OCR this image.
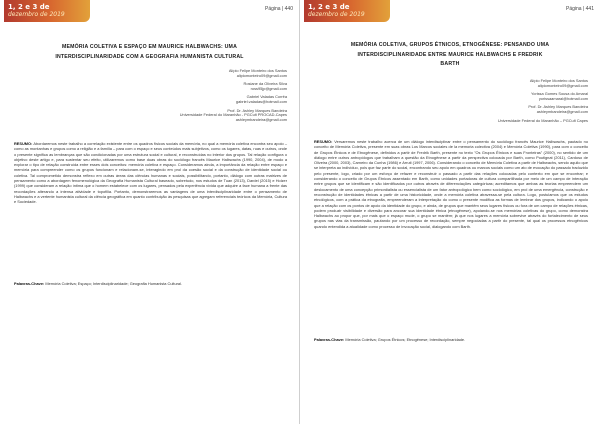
1, 2 e 3 de
dezembro de 2019
Página | 440
MEMÓRIA COLETIVA E ESPAÇO EM MAURICE HALBWACHS: UMA
INTERDISCIPLINARIDADE COM A GEOGRAFIA HUMANISTA CULTURAL
Alípio Felipe Monteiro dos Santos
alipiomonteiro09@gmail.com
Rosiane da Oliveira Silva
ross95jp@gmail.com
Gabriel Valadas Corrêa
gabriel.valadas@hotmail.com
Prof. Dr. Ashley Marques Bandeira
Universidade Federal do Maranhão - PGCult PROCAD-Capes
ashleymbandeira@gmail.com

RESUMO: Abordaremos neste trabalho a correlação existente entre os quadros físicos sociais da memória, no qual a memória coletiva encontra seu apoio – como as montanhas e grupos como a religião e a família – para com o espaço e seus conteúdos mais subjetivos, como os lugares, datas, ruas e outros, onde o presente significa as lembranças que são condicionadas por uma estrutura social e cultural, e reconstruídas no interior dos grupos. Tal relação configura o objetivo deste artigo e, para sustentar seu efeito, utilizaremos como base duas obras do sociólogo francês Maurice Halbwachs (1990, 2004), de modo a explorar o tipo de relação construída entre esses dois conceitos: memória coletiva e espaço. Consideramos ainda, a importância da relação entre espaço e memória para compreender como os grupos funcionam e relacionam-se, interagindo em prol da coesão social e da construção de identidade social ou coletiva. Tal comprometido demonstra reflexo em outras áreas das ciências humanas e sociais, possibilitando, portanto, diálogo com outras matrizes de pensamento como a abordagem fenomenológica da Geografia Humanista Cultural baseado, sobretudo, nos estudos de Tuan (2013), Dardel (2015) e Holzer (1999) que consideram a relação íntima que o homem estabelece com os lugares, pensados pela experiência vivida que adquire a face humana a frente das recordações alterando a intensa atividade e topofilia. Portanto, demonstraremos as vantagens de uma interdisciplinaridade entre o pensamento de Halbwachs e a vertente humanista cultural da ciência geográfica em quanto contribuição às pesquisas que agregam referenciais teóricos da Memória, Cultura e Sociedade.

Palavras-Chave: Memória Coletiva; Espaço; Interdisciplinaridade; Geografia Humanista Cultural.

1, 2 e 3 de
dezembro de 2019
Página | 441
MEMÓRIA COLETIVA, GRUPOS ÉTNICOS, ETNOGÊNESE: PENSANDO UMA
INTERDISCIPLINARIDADE ENTRE MAURICE HALBWACHS E FREDRIK
BARTH
Alípio Felipe Monteiro dos Santos
alipiomonteiro09@gmail.com
Yorissa Gomes Sousa do Amaral
yorissaamaral@hotmail.com
Prof. Dr. Ashley Marques Bandeira
ashleymbandeira@gmail.com
Universidade Federal do Maranhão – PGCult Capes

RESUMO: Versaremos neste trabalho acerca de um diálogo interdisciplinar entre o pensamento do sociólogo francês Maurice Halbwachs, pautado no conceito de Memória Coletiva, presente em suas obras Los Marcos sociales de la memoria colectiva (2004) e Memória Coletiva (1990), para com o conceito de Grupos Étnicos e de Etnogênese, definidos a partir de Fredrik Barth, presente no texto "Os Grupos Étnicos e suas Fronteiras" (2000), no sentido de um diálogo entre outros antropólogos que trabalham a questão da Etnogênese a partir da perspectiva colocada por Barth, como Poutignat (2011), Cardoso de Oliveira (2000, 2003), Carneiro da Cunha (1986) e Arruti (1997, 2006). Considerando o conceito de Memória Coletiva a partir de Halbwachs, sendo aquilo que se interpreta ao indivíduo, pois que faz parte do social, encontrando seu apoio em quadros ou marcos sociais como um ato de evocação do passado traduzido pelo presente, logo, criado por um esforço de refazer e reconstruir o passado a partir das relações colocadas pelo contexto em que se encontrar; e considerando o conceito de Grupos Étnicos assentado em Barth, como unidades portadoras de cultura compartilhada por meio de um campo de interação entre grupos que se identificam e são identificados por outros através de diferenciações categóricas; acreditamos que ambas as teorias empreendem um deslocamento de uma concepção primordialista ou essencialista de um fator antropológico bem como sociológico, em prol de uma emergência, construção e reconstrução de identidades étnicas a partir de uma historicidade, onde a memória coletiva atravessa-se pela cultura. Logo, postulamos que os estudos etnológicos, com a prática da etnografia, empreenderam a interpretação do como o presente modifica as formas de lembrar dos grupos, indicando o apoio que a relação com os pontos de apoio da identidade do grupo, e ainda, de grupos que mantêm seus lugares físicos ou fora de um campo de relações étnicas, podem produzir visibilidade e diversão para ancorar sua identidade étnica (etnogênese), apoiando-se nos memórias coletivas do grupo, como demonstra Halbwachs ao propor que, por mais que o espaço mude, o grupo se mantém; já que nos lugares a memória sobrevive através do fortalecimento de seus grupos nas vias da transmissão, pautando por um processo de recordação, sempre negociadas a partir do presente, tal qual os processos etnogênicos quando entendida a atualidade como processo de invocação social, dialogando com Barth.

Palavras-Chave: Memória Coletiva; Grupos Étnicos; Etnogênese; Interdisciplinaridade.
